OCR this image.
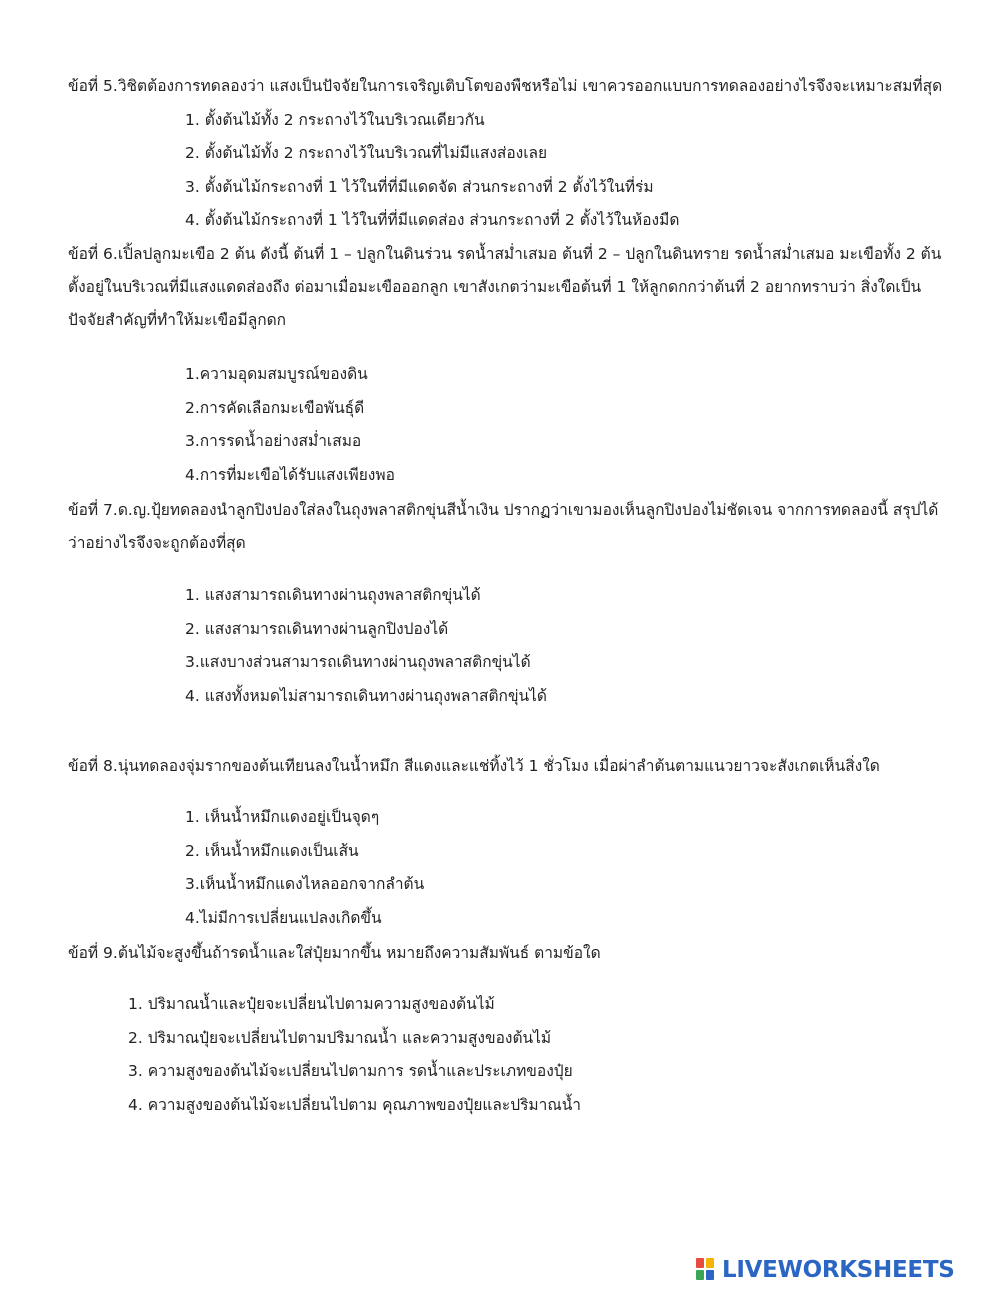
ข้อที่ 5.วิชิตต้องการทดลองว่า แสงเป็นปัจจัยในการเจริญเติบโตของพืชหรือไม่ เขาควรออกแบบการทดลองอย่างไรจึงจะเหมาะสมที่สุด
1. ตั้งต้นไม้ทั้ง 2 กระถางไว้ในบริเวณเดียวกัน
2. ตั้งต้นไม้ทั้ง 2 กระถางไว้ในบริเวณที่ไม่มีแสงส่องเลย
3. ตั้งต้นไม้กระถางที่ 1 ไว้ในที่ที่มีแดดจัด ส่วนกระถางที่ 2 ตั้งไว้ในที่ร่ม
4. ตั้งต้นไม้กระถางที่ 1 ไว้ในที่ที่มีแดดส่อง ส่วนกระถางที่ 2 ตั้งไว้ในห้องมืด
ข้อที่ 6.เปิ้ลปลูกมะเขือ 2 ต้น ดังนี้ ต้นที่ 1 – ปลูกในดินร่วน รดน้ำสม่ำเสมอ ต้นที่ 2 – ปลูกในดินทราย รดน้ำสม่ำเสมอ มะเขือทั้ง 2 ต้น ตั้งอยู่ในบริเวณที่มีแสงแดดส่องถึง ต่อมาเมื่อมะเขือออกลูก เขาสังเกตว่ามะเขือต้นที่ 1 ให้ลูกดกกว่าต้นที่ 2 อยากทราบว่า สิ่งใดเป็นปัจจัยสำคัญที่ทำให้มะเขือมีลูกดก
1.ความอุดมสมบูรณ์ของดิน
2.การคัดเลือกมะเขือพันธุ์ดี
3.การรดน้ำอย่างสม่ำเสมอ
4.การที่มะเขือได้รับแสงเพียงพอ
ข้อที่ 7.ด.ญ.ปุ้ยทดลองนำลูกปิงปองใส่ลงในถุงพลาสติกขุ่นสีน้ำเงิน ปรากฏว่าเขามองเห็นลูกปิงปองไม่ชัดเจน จากการทดลองนี้ สรุปได้ว่าอย่างไรจึงจะถูกต้องที่สุด
1. แสงสามารถเดินทางผ่านถุงพลาสติกขุ่นได้
2. แสงสามารถเดินทางผ่านลูกปิงปองได้
3.แสงบางส่วนสามารถเดินทางผ่านถุงพลาสติกขุ่นได้
4. แสงทั้งหมดไม่สามารถเดินทางผ่านถุงพลาสติกขุ่นได้
ข้อที่ 8.นุ่นทดลองจุ่มรากของต้นเทียนลงในน้ำหมึก สีแดงและแช่ทิ้งไว้ 1 ชั่วโมง เมื่อผ่าลำต้นตามแนวยาวจะสังเกตเห็นสิ่งใด
1. เห็นน้ำหมึกแดงอยู่เป็นจุดๆ
2. เห็นน้ำหมึกแดงเป็นเส้น
3.เห็นน้ำหมึกแดงไหลออกจากลำต้น
4.ไม่มีการเปลี่ยนแปลงเกิดขึ้น
ข้อที่ 9.ต้นไม้จะสูงขึ้นถ้ารดน้ำและใส่ปุ๋ยมากขึ้น หมายถึงความสัมพันธ์ ตามข้อใด
1. ปริมาณน้ำและปุ๋ยจะเปลี่ยนไปตามความสูงของต้นไม้
2. ปริมาณปุ๋ยจะเปลี่ยนไปตามปริมาณน้ำ และความสูงของต้นไม้
3. ความสูงของต้นไม้จะเปลี่ยนไปตามการ รดน้ำและประเภทของปุ๋ย
4. ความสูงของต้นไม้จะเปลี่ยนไปตาม คุณภาพของปุ๋ยและปริมาณน้ำ
LIVEWORKSHEETS
